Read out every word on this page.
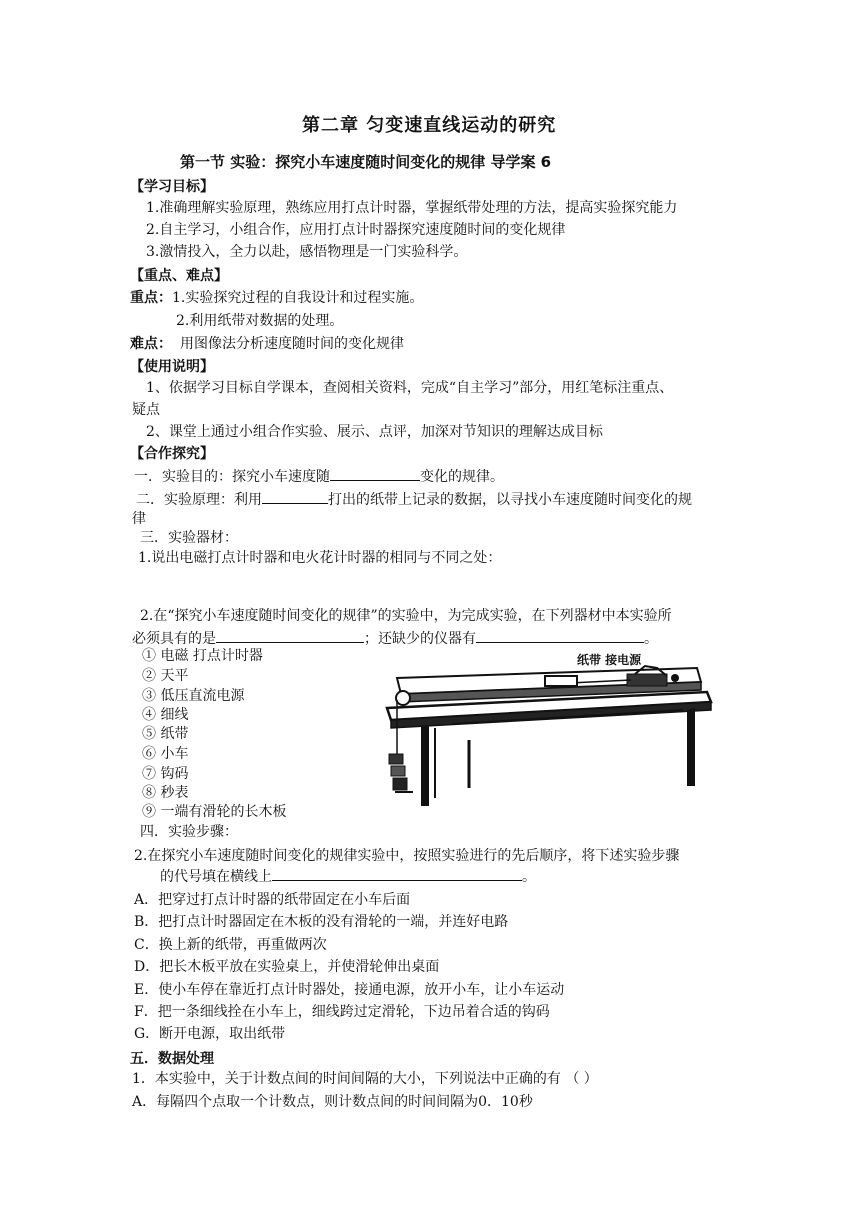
第二章 匀变速直线运动的研究
第一节 实验：探究小车速度随时间变化的规律 导学案 6
【学习目标】
1.准确理解实验原理，熟练应用打点计时器，掌握纸带处理的方法，提高实验探究能力
2.自主学习，小组合作，应用打点计时器探究速度随时间的变化规律
3.激情投入，全力以赴，感悟物理是一门实验科学。
【重点、难点】
重点：1.实验探究过程的自我设计和过程实施。
2.利用纸带对数据的处理。
难点： 用图像法分析速度随时间的变化规律
【使用说明】
1、依据学习目标自学课本，查阅相关资料，完成“自主学习”部分，用红笔标注重点、
疑点
2、课堂上通过小组合作实验、展示、点评，加深对节知识的理解达成目标
【合作探究】
一．实验目的：探究小车速度随	变化的规律。
二．实验原理：利用	打出的纸带上记录的数据，以寻找小车速度随时间变化的规
律
三．实验器材：
1.说出电磁打点计时器和电火花计时器的相同与不同之处：
2.在“探究小车速度随时间变化的规律”的实验中，为完成实验，在下列器材中本实验所
必须具有的是	；还缺少的仪器有	。
① 电磁 打点计时器
② 天平
③ 低压直流电源
④ 细线
⑤ 纸带
⑥ 小车
⑦ 钩码
⑧ 秒表
⑨ 一端有滑轮的长木板
纸带 接电源
四．实验步骤：
2.在探究小车速度随时间变化的规律实验中，按照实验进行的先后顺序，将下述实验步骤
的代号填在横线上	。
A．把穿过打点计时器的纸带固定在小车后面
B．把打点计时器固定在木板的没有滑轮的一端，并连好电路
C．换上新的纸带，再重做两次
D．把长木板平放在实验桌上，并使滑轮伸出桌面
E．使小车停在靠近打点计时器处，接通电源，放开小车，让小车运动
F．把一条细线拴在小车上，细线跨过定滑轮，下边吊着合适的钩码
G．断开电源，取出纸带
五．数据处理
1．本实验中，关于计数点间的时间间隔的大小，下列说法中正确的有 （ ）
A．每隔四个点取一个计数点，则计数点间的时间间隔为0．10秒
